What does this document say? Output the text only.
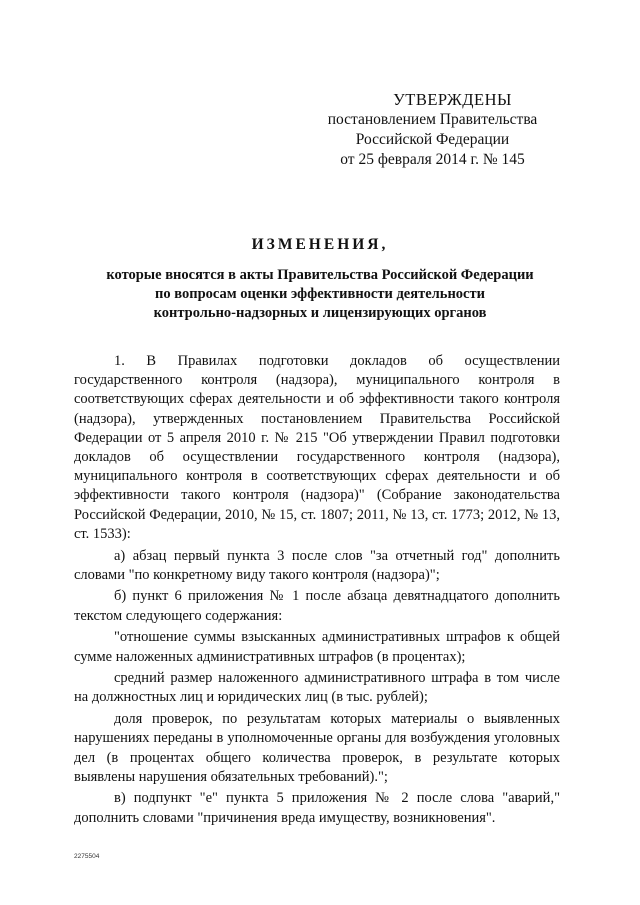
УТВЕРЖДЕНЫ
постановлением Правительства
Российской Федерации
от 25 февраля 2014 г. № 145
ИЗМЕНЕНИЯ,
которые вносятся в акты Правительства Российской Федерации
по вопросам оценки эффективности деятельности
контрольно-надзорных и лицензирующих органов

1. В Правилах подготовки докладов об осуществлении государственного контроля (надзора), муниципального контроля в соответствующих сферах деятельности и об эффективности такого контроля (надзора), утвержденных постановлением Правительства Российской Федерации от 5 апреля 2010 г. № 215 "Об утверждении Правил подготовки докладов об осуществлении государственного контроля (надзора), муниципального контроля в соответствующих сферах деятельности и об эффективности такого контроля (надзора)" (Собрание законодательства Российской Федерации, 2010, № 15, ст. 1807; 2011, № 13, ст. 1773; 2012, № 13, ст. 1533):

а) абзац первый пункта 3 после слов "за отчетный год" дополнить словами "по конкретному виду такого контроля (надзора)";

б) пункт 6 приложения № 1 после абзаца девятнадцатого дополнить текстом следующего содержания:

"отношение суммы взысканных административных штрафов к общей сумме наложенных административных штрафов (в процентах);

средний размер наложенного административного штрафа в том числе на должностных лиц и юридических лиц (в тыс. рублей);

доля проверок, по результатам которых материалы о выявленных нарушениях переданы в уполномоченные органы для возбуждения уголовных дел (в процентах общего количества проверок, в результате которых выявлены нарушения обязательных требований).";

в) подпункт "е" пункта 5 приложения № 2 после слова "аварий," дополнить словами "причинения вреда имуществу, возникновения".

2275504
